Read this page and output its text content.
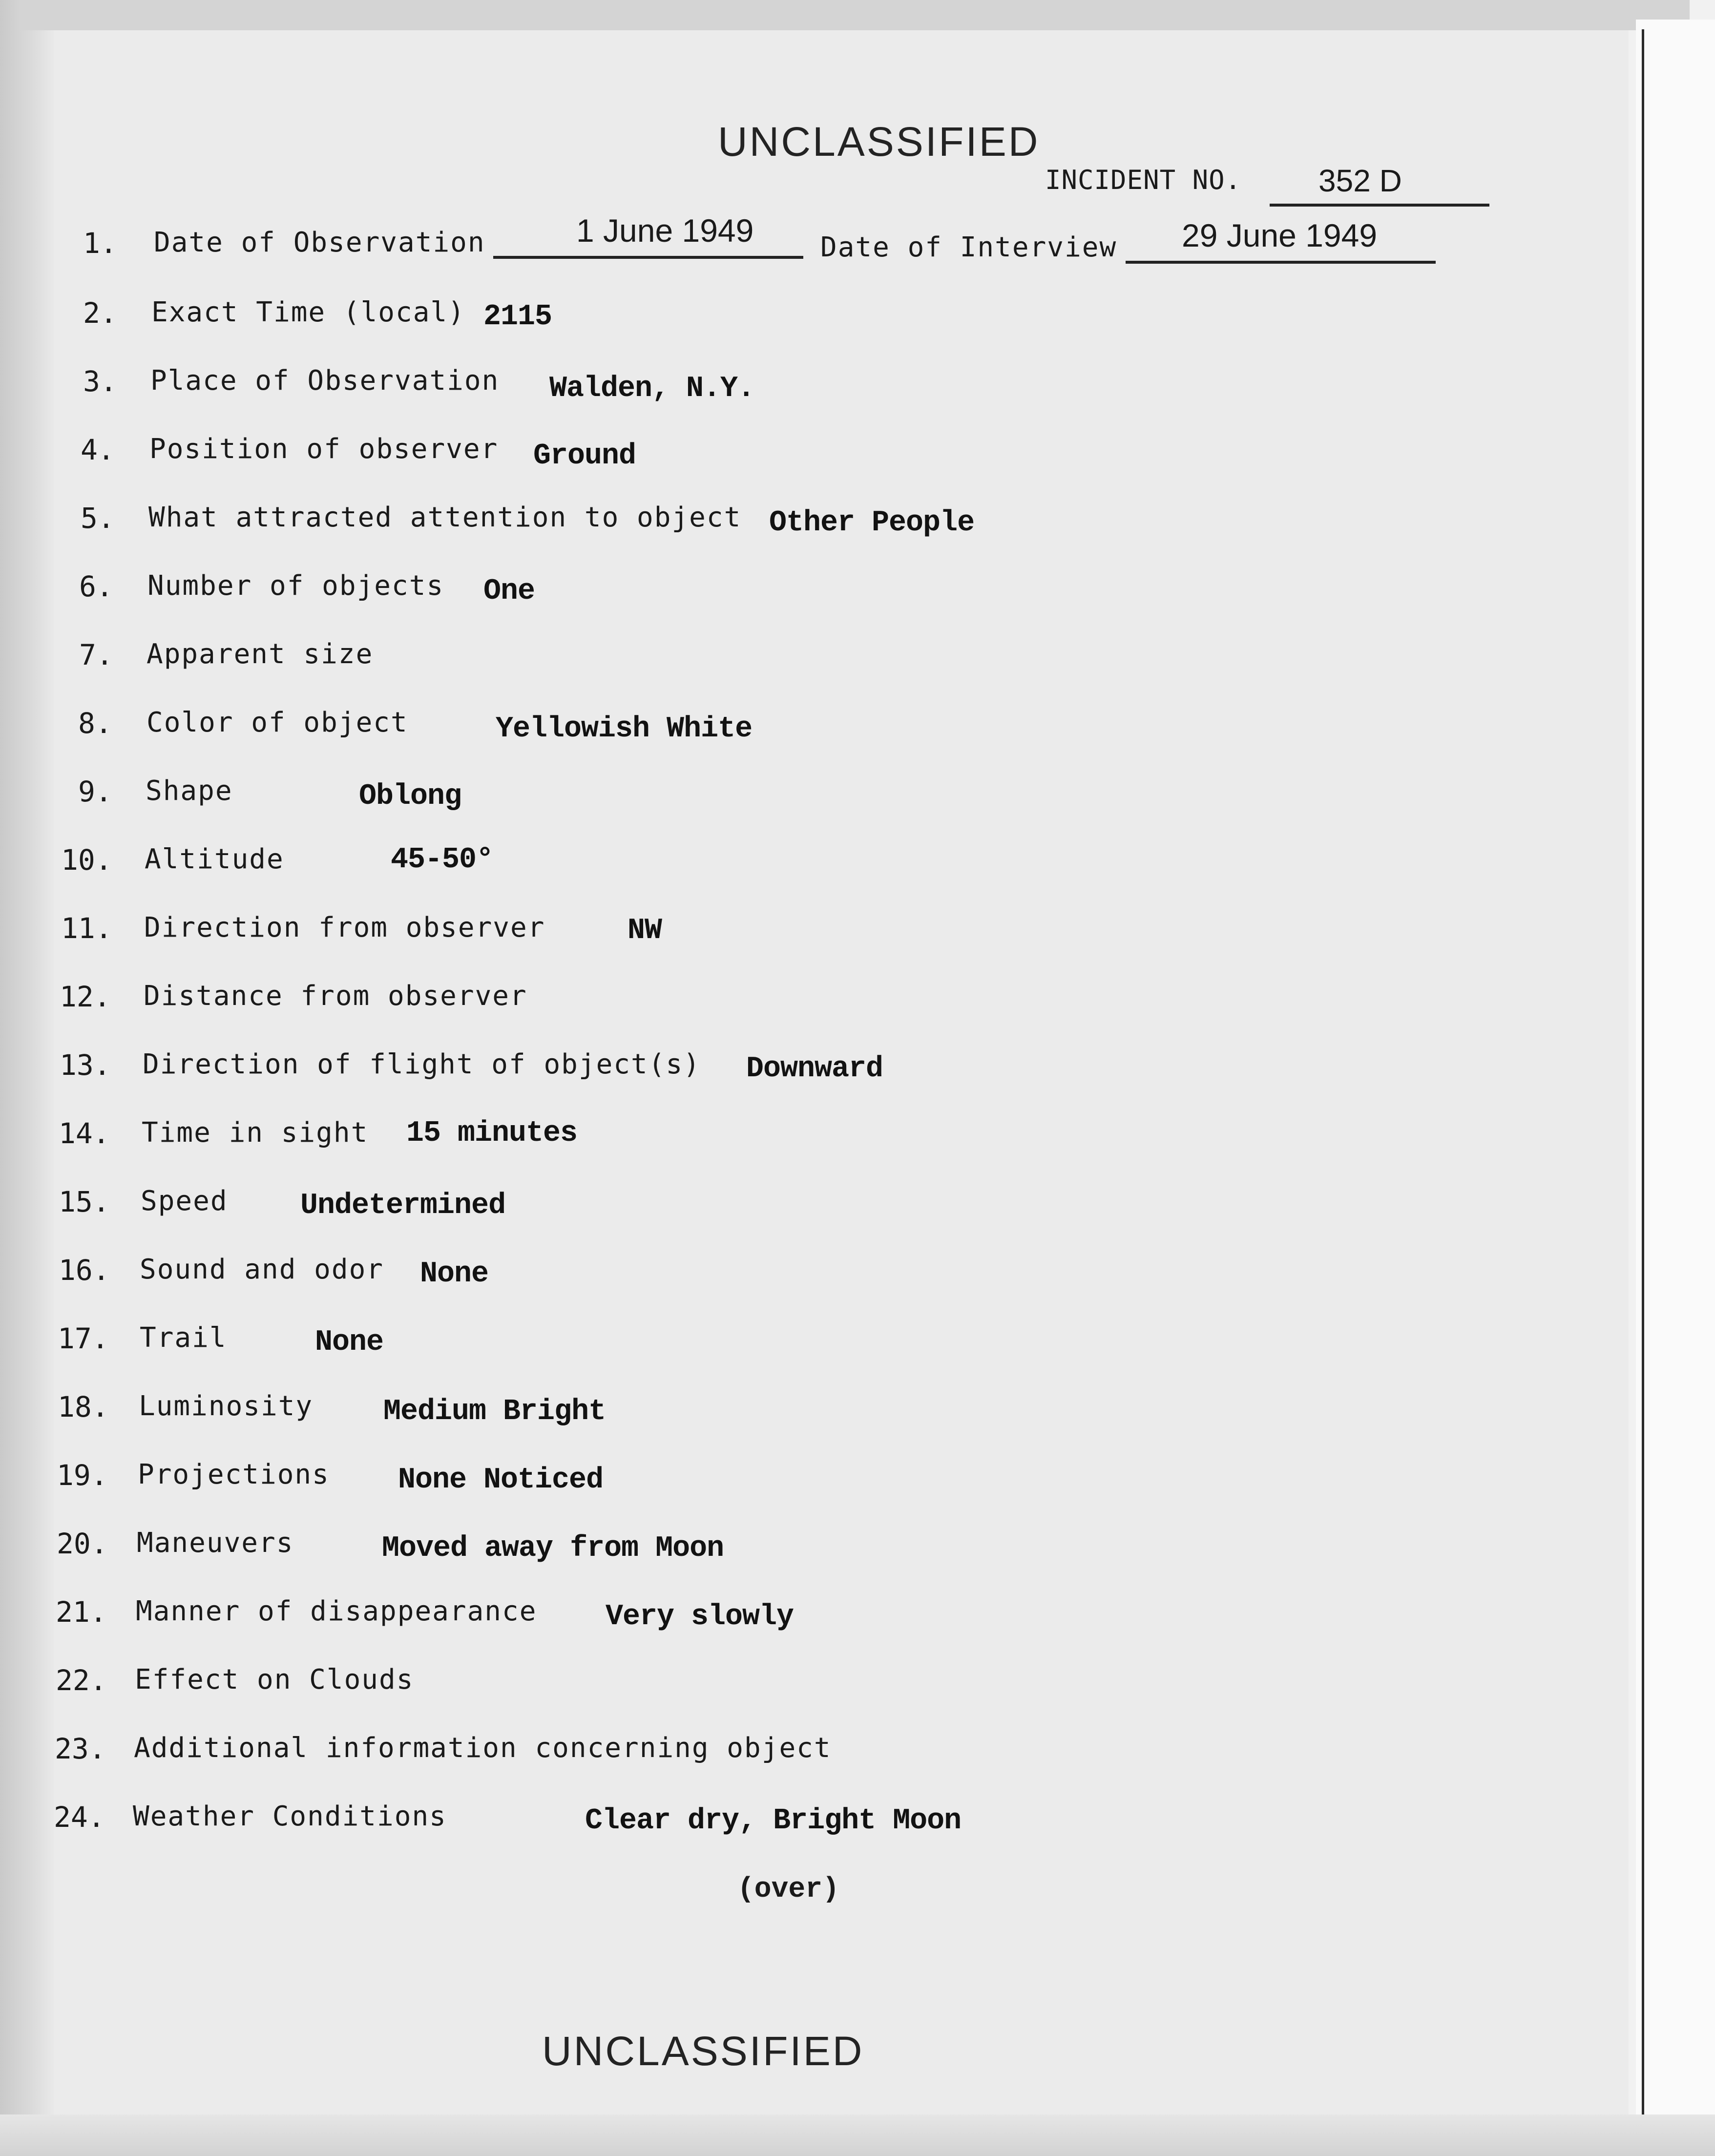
UNCLASSIFIED
INCIDENT NO. 352 D
1. Date of Observation	1 June 1949 Date of Interview 29 June 1949
2. Exact Time (local) 2115
3. Place of Observation Walden, N.Y.
4. Position of observer Ground
5. What attracted attention to object Other People
6. Number of objects One
7. Apparent size
8. Color of object	Yellowish White
9. Shape	Oblong
10. Altitude	45-50°
11. Direction from observer	NW
12. Distance from observer
13. Direction of flight of object(s) Downward
14. Time in sight 15 minutes
15. Speed Undetermined
16. Sound and odor None
17. Trail	None
18. Luminosity Medium Bright
19. Projections None Noticed
20. Maneuvers	Moved away from Moon
21. Manner of disappearance Very slowly
22. Effect on Clouds
23. Additional information concerning object
24. Weather Conditions	Clear dry, Bright Moon
(over)
UNCLASSIFIED
